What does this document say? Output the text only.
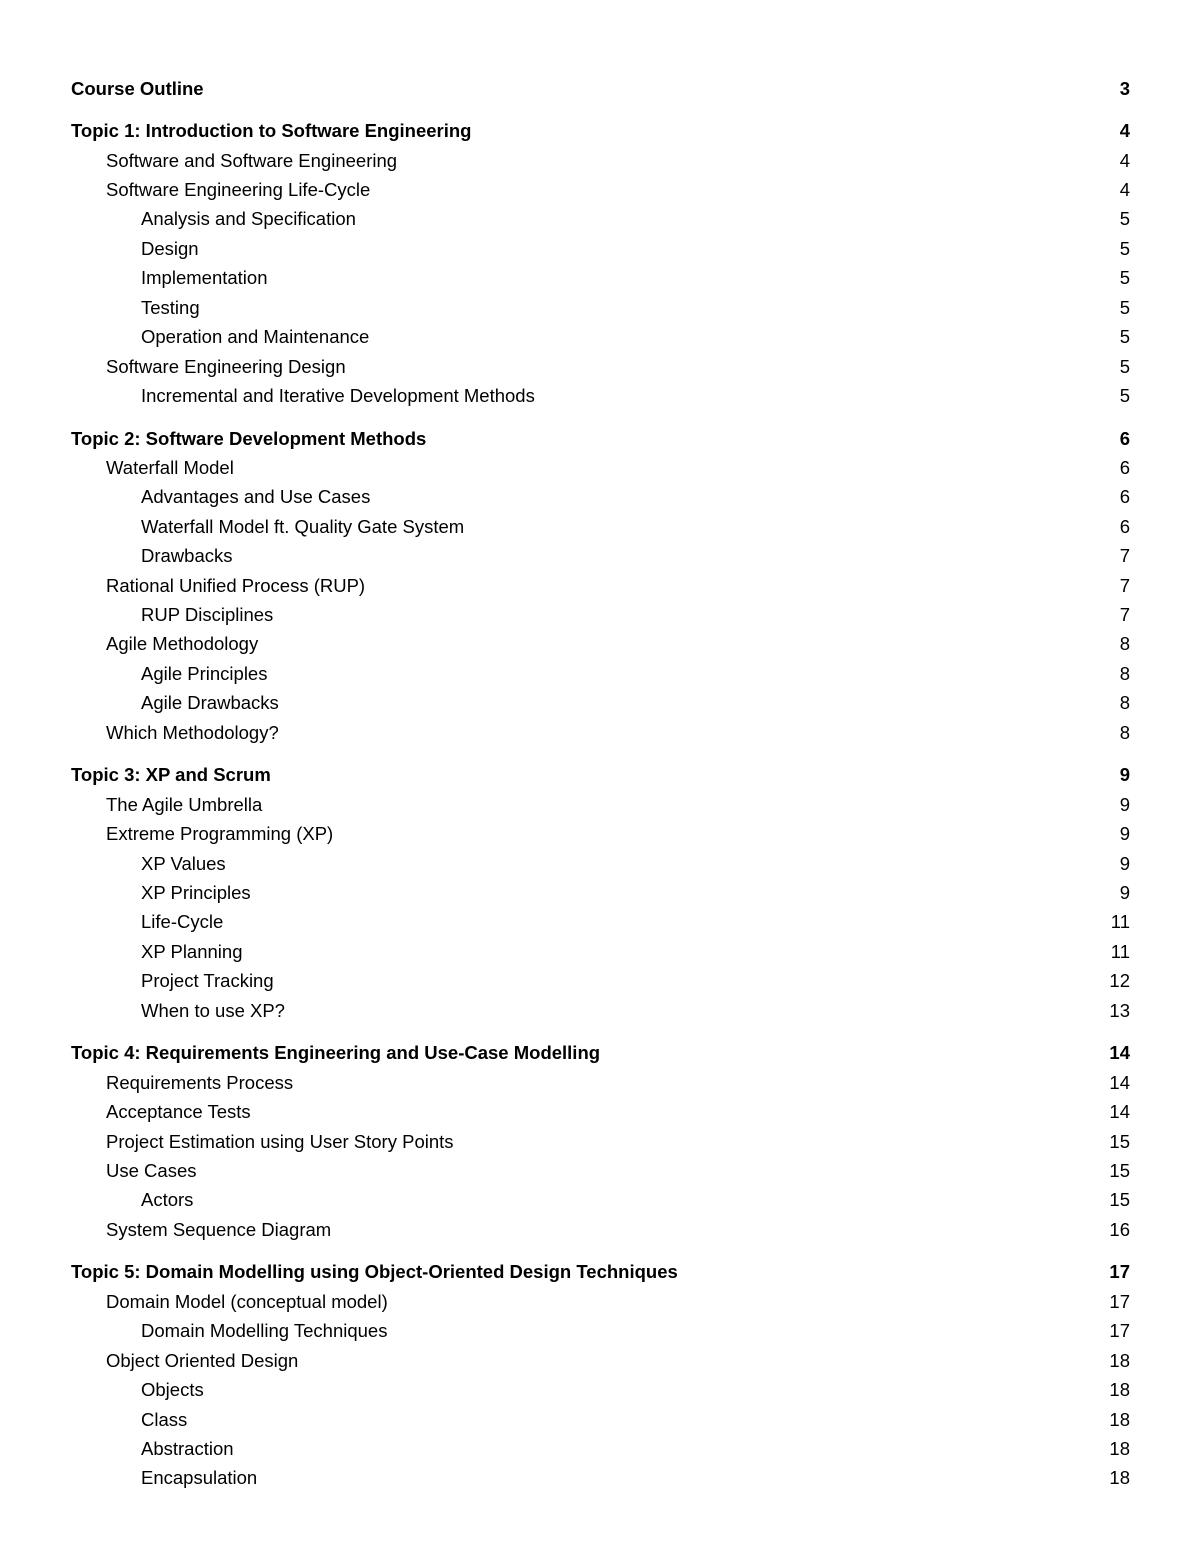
Course Outline	3
Topic 1: Introduction to Software Engineering	4
Software and Software Engineering	4
Software Engineering Life-Cycle	4
Analysis and Specification	5
Design	5
Implementation	5
Testing	5
Operation and Maintenance	5
Software Engineering Design	5
Incremental and Iterative Development Methods	5
Topic 2: Software Development Methods	6
Waterfall Model	6
Advantages and Use Cases	6
Waterfall Model ft. Quality Gate System	6
Drawbacks	7
Rational Unified Process (RUP)	7
RUP Disciplines	7
Agile Methodology	8
Agile Principles	8
Agile Drawbacks	8
Which Methodology?	8
Topic 3: XP and Scrum	9
The Agile Umbrella	9
Extreme Programming (XP)	9
XP Values	9
XP Principles	9
Life-Cycle	11
XP Planning	11
Project Tracking	12
When to use XP?	13
Topic 4: Requirements Engineering and Use-Case Modelling	14
Requirements Process	14
Acceptance Tests	14
Project Estimation using User Story Points	15
Use Cases	15
Actors	15
System Sequence Diagram	16
Topic 5: Domain Modelling using Object-Oriented Design Techniques	17
Domain Model (conceptual model)	17
Domain Modelling Techniques	17
Object Oriented Design	18
Objects	18
Class	18
Abstraction	18
Encapsulation	18
